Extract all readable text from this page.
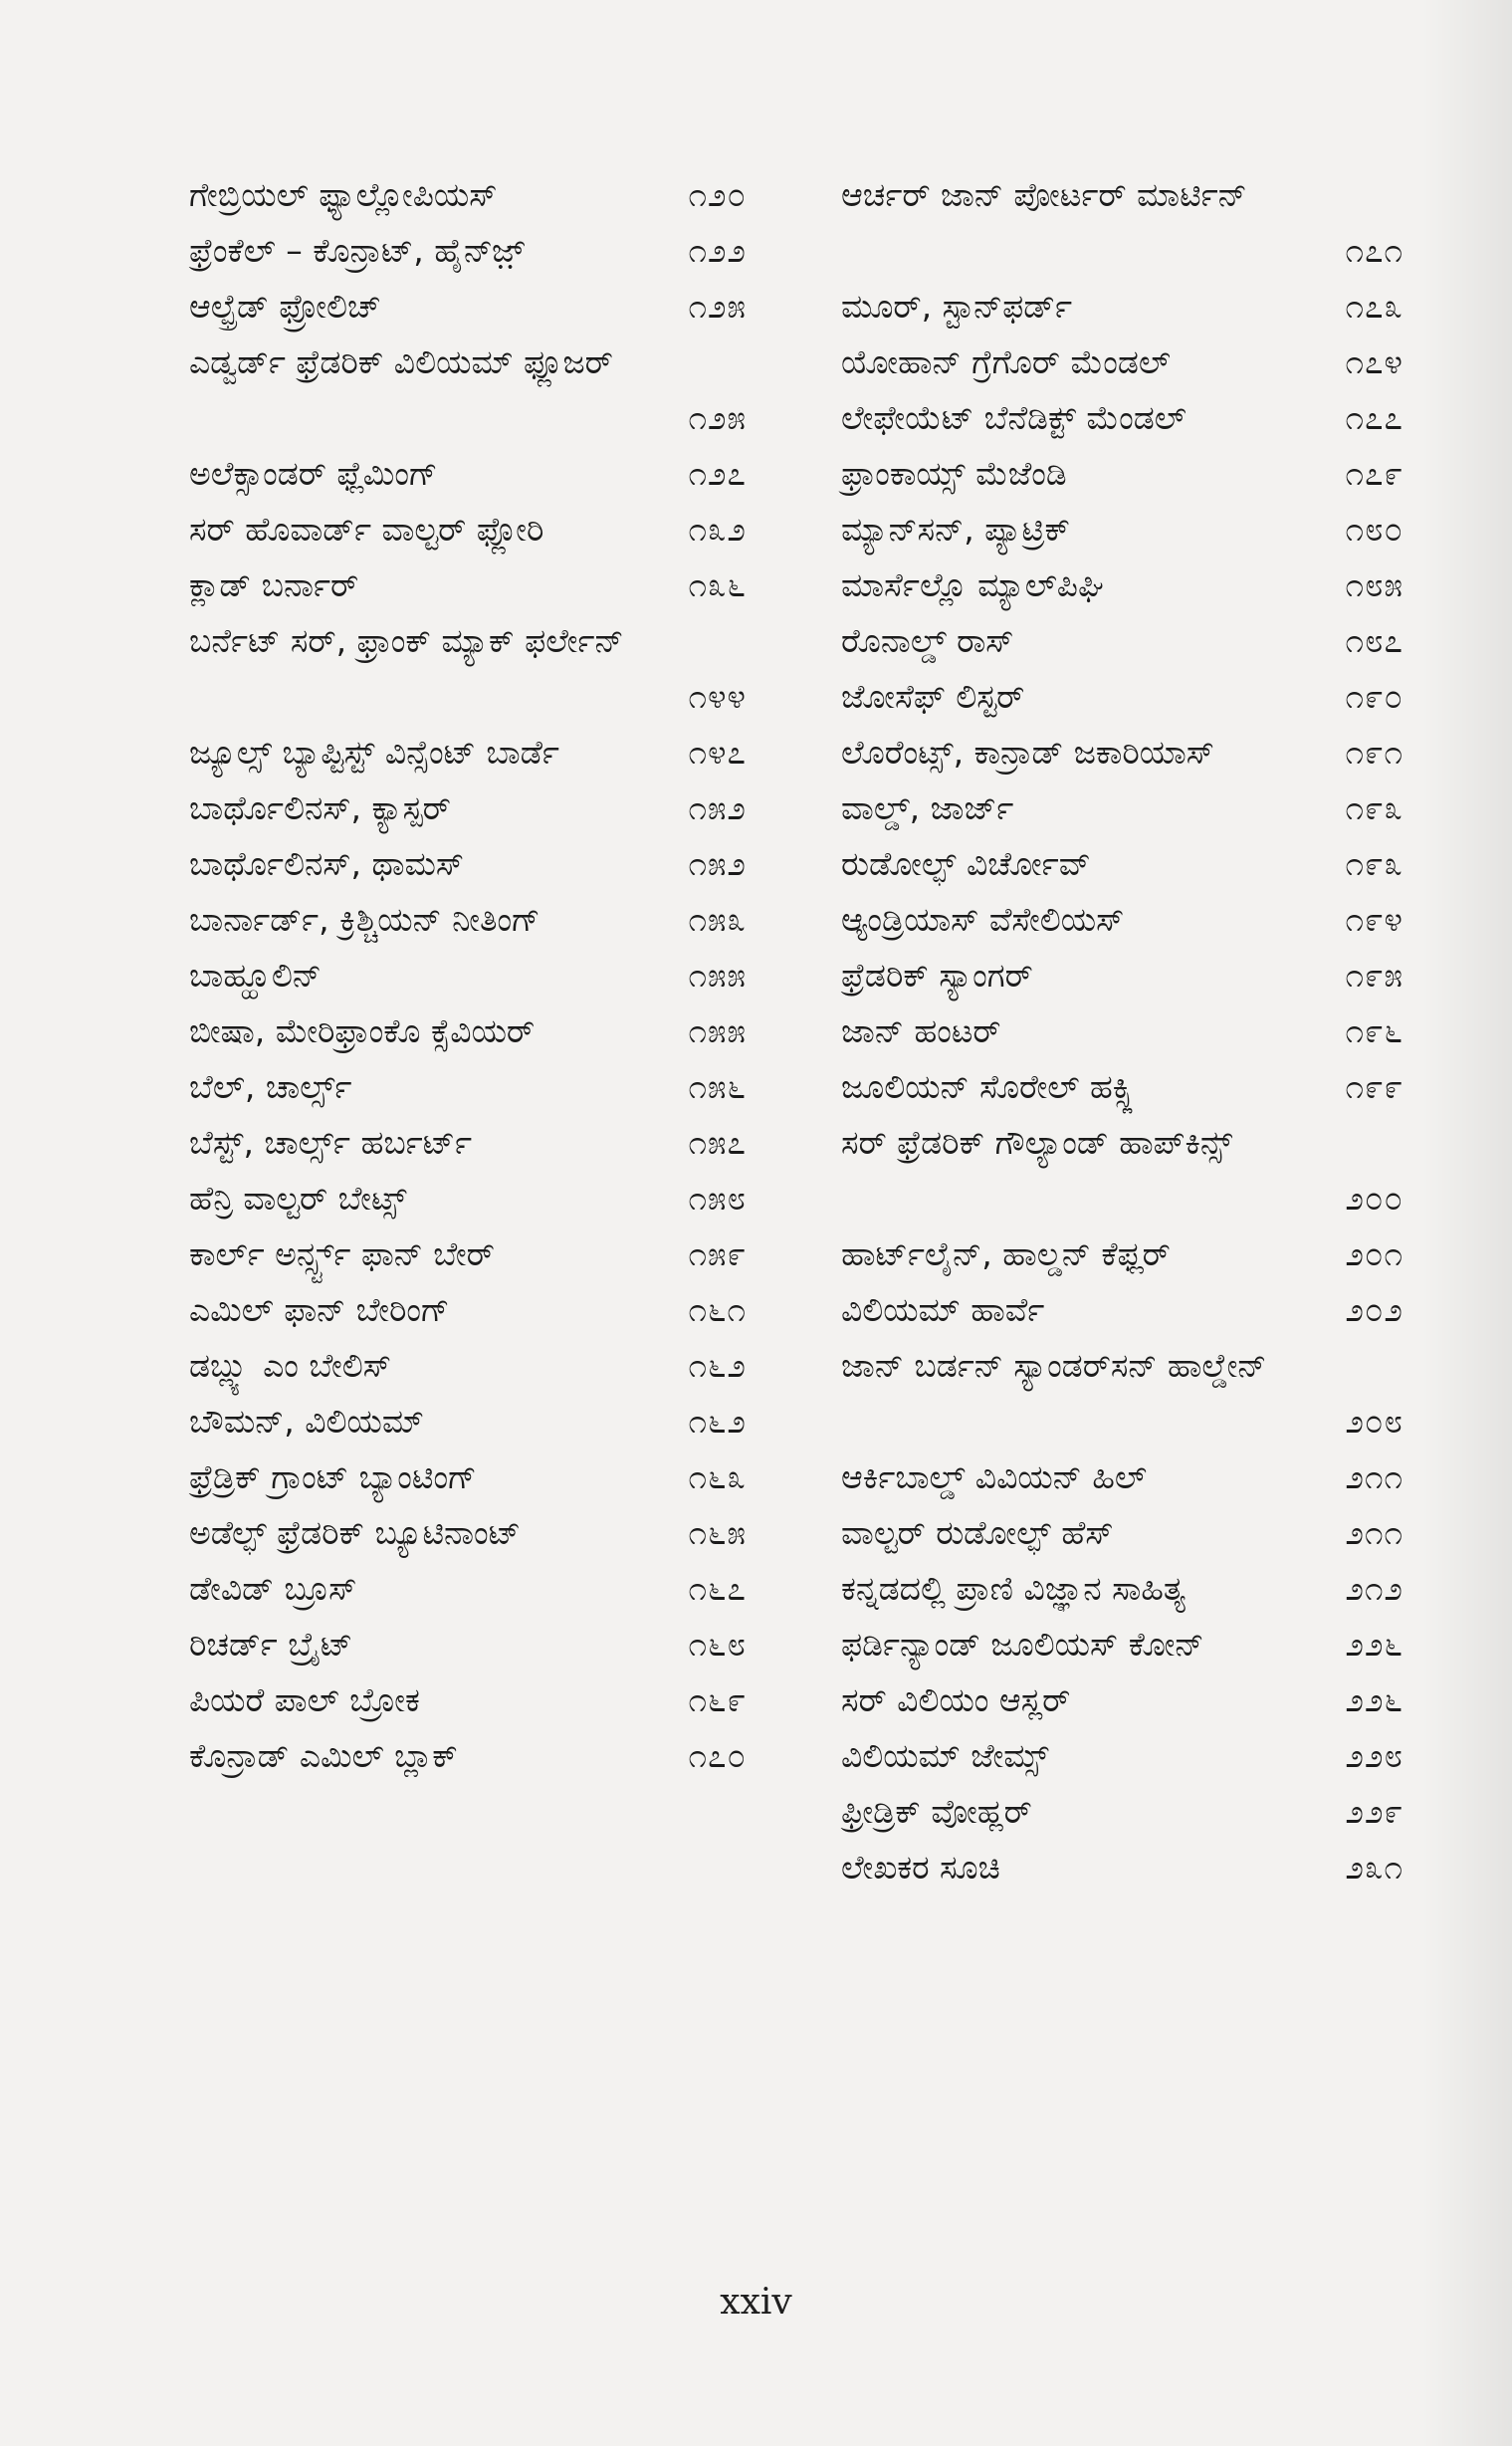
ಗೇಬ್ರಿಯಲ್ ಫ್ಯಾಲ್ಲೋಪಿಯಸ್	೧೨೦
ಫ್ರೆಂಕೆಲ್ – ಕೊನ್ರಾಟ್, ಹೈನ್ಜ಼್	೧೨೨
ಆಲ್ಫ್ರೆಡ್ ಫ್ರೋಲಿಚ್	೧೨೫
ಎಡ್ವರ್ಡ್ ಫ್ರೆಡರಿಕ್ ವಿಲಿಯಮ್ ಫ್ಲೂಜರ್
೧೨೫
ಅಲೆಕ್ಸಾಂಡರ್ ಫ್ಲೆಮಿಂಗ್	೧೨೭
ಸರ್ ಹೊವಾರ್ಡ್ ವಾಲ್ಟರ್ ಫ್ಲೋರಿ	೧೩೨
ಕ್ಲಾಡ್ ಬರ್ನಾರ್	೧೩೬
ಬರ್ನೆಟ್ ಸರ್, ಫ್ರಾಂಕ್ ಮ್ಯಾಕ್ ಫರ್ಲೇನ್
೧೪೪
ಜ್ಯೂಲ್ಸ್ ಬ್ಯಾಪ್ಟಿಸ್ಟ್ ವಿನ್ಸೆಂಟ್ ಬಾರ್ಡೆ	೧೪೭
ಬಾರ್ಥೊಲಿನಸ್, ಕ್ಯಾಸ್ಪರ್	೧೫೨
ಬಾರ್ಥೊಲಿನಸ್, ಥಾಮಸ್	೧೫೨
ಬಾರ್ನಾರ್ಡ್, ಕ್ರಿಶ್ಚಿಯನ್ ನೀತಿಂಗ್	೧೫೩
ಬಾಹ್ಹೂಲಿನ್	೧೫೫
ಬೀಷಾ, ಮೇರಿಫ್ರಾಂಕೊ ಕ್ಸೆವಿಯರ್	೧೫೫
ಬೆಲ್, ಚಾರ್ಲ್ಸ್	೧೫೬
ಬೆಸ್ಟ್, ಚಾರ್ಲ್ಸ್ ಹರ್ಬರ್ಟ್	೧೫೭
ಹೆನ್ರಿ ವಾಲ್ಟರ್ ಬೇಟ್ಸ್	೧೫೮
ಕಾರ್ಲ್ ಅರ್ನ್ಸ್ಟ್ ಫಾನ್ ಬೇರ್	೧೫೯
ಎಮಿಲ್ ಫಾನ್ ಬೇರಿಂಗ್	೧೬೧
ಡಬ್ಲ್ಯು ಎಂ ಬೇಲಿಸ್	೧೬೨
ಬೌಮನ್, ವಿಲಿಯಮ್	೧೬೨
ಫ್ರೆಡ್ರಿಕ್ ಗ್ರಾಂಟ್ ಬ್ಯಾಂಟಿಂಗ್	೧೬೩
ಅಡೆಲ್ಫ್ ಫ್ರೆಡರಿಕ್ ಬ್ಯೂಟಿನಾಂಟ್	೧೬೫
ಡೇವಿಡ್ ಬ್ರೂಸ್	೧೬೭
ರಿಚರ್ಡ್ ಬ್ರೈಟ್	೧೬೮
ಪಿಯರೆ ಪಾಲ್ ಬ್ರೋಕ	೧೬೯
ಕೊನ್ರಾಡ್ ಎಮಿಲ್ ಬ್ಲಾಕ್	೧೭೦
ಆರ್ಚರ್ ಜಾನ್ ಪೋರ್ಟರ್ ಮಾರ್ಟಿನ್
೧೭೧
ಮೂರ್, ಸ್ಟಾನ್‌ಫರ್ಡ್	೧೭೩
ಯೋಹಾನ್ ಗ್ರೆಗೊರ್ ಮೆಂಡಲ್	೧೭೪
ಲೇಫೇಯೆಟ್ ಬೆನೆಡಿಕ್ಟ್ ಮೆಂಡಲ್	೧೭೭
ಫ್ರಾಂಕಾಯ್ಸ್ ಮೆಜೆಂಡಿ	೧೭೯
ಮ್ಯಾನ್‌ಸನ್, ಪ್ಯಾಟ್ರಿಕ್	೧೮೦
ಮಾರ್ಸೆಲ್ಲೊ ಮ್ಯಾಲ್‌ಪಿಘಿ	೧೮೫
ರೊನಾಲ್ಡ್ ರಾಸ್	೧೮೭
ಜೋಸೆಫ್ ಲಿಸ್ಟರ್	೧೯೦
ಲೊರೆಂಟ್ಸ್, ಕಾನ್ರಾಡ್ ಜಕಾರಿಯಾಸ್	೧೯೧
ವಾಲ್ಡ್, ಜಾರ್ಜ್	೧೯೩
ರುಡೋಲ್ಫ್ ವಿರ್ಚೋವ್	೧೯೩
ಆ್ಯಂಡ್ರಿಯಾಸ್ ವೆಸೇಲಿಯಸ್	೧೯೪
ಫ್ರೆಡರಿಕ್ ಸ್ಯಾಂಗರ್	೧೯೫
ಜಾನ್ ಹಂಟರ್	೧೯೬
ಜೂಲಿಯನ್ ಸೊರೇಲ್ ಹಕ್ಸ್ಲಿ	೧೯೯
ಸರ್ ಫ್ರೆಡರಿಕ್ ಗೌಲ್ಯಾಂಡ್ ಹಾಪ್‌ಕಿನ್ಸ್
೨೦೦
ಹಾರ್ಟ್‌ಲೈನ್, ಹಾಲ್ಡನ್ ಕೆಫ್ಲರ್	೨೦೧
ವಿಲಿಯಮ್ ಹಾರ್ವೆ	೨೦೨
ಜಾನ್ ಬರ್ಡನ್ ಸ್ಯಾಂಡರ್‌ಸನ್ ಹಾಲ್ಡೇನ್
೨೦೮
ಆರ್ಕಿಬಾಲ್ಡ್ ವಿವಿಯನ್ ಹಿಲ್	೨೧೧
ವಾಲ್ಟರ್ ರುಡೋಲ್ಫ್ ಹೆಸ್	೨೧೧
ಕನ್ನಡದಲ್ಲಿ ಪ್ರಾಣಿ ವಿಜ್ಞಾನ ಸಾಹಿತ್ಯ	೨೧೨
ಫರ್ಡಿನ್ಯಾಂಡ್ ಜೂಲಿಯಸ್ ಕೋನ್	೨೨೬
ಸರ್ ವಿಲಿಯಂ ಆಸ್ಲರ್	೨೨೬
ವಿಲಿಯಮ್ ಜೇಮ್ಸ್	೨೨೮
ಫ್ರೀಡ್ರಿಕ್ ವೋಹ್ಲರ್	೨೨೯
ಲೇಖಕರ ಸೂಚಿ	೨೩೧
xxiv
